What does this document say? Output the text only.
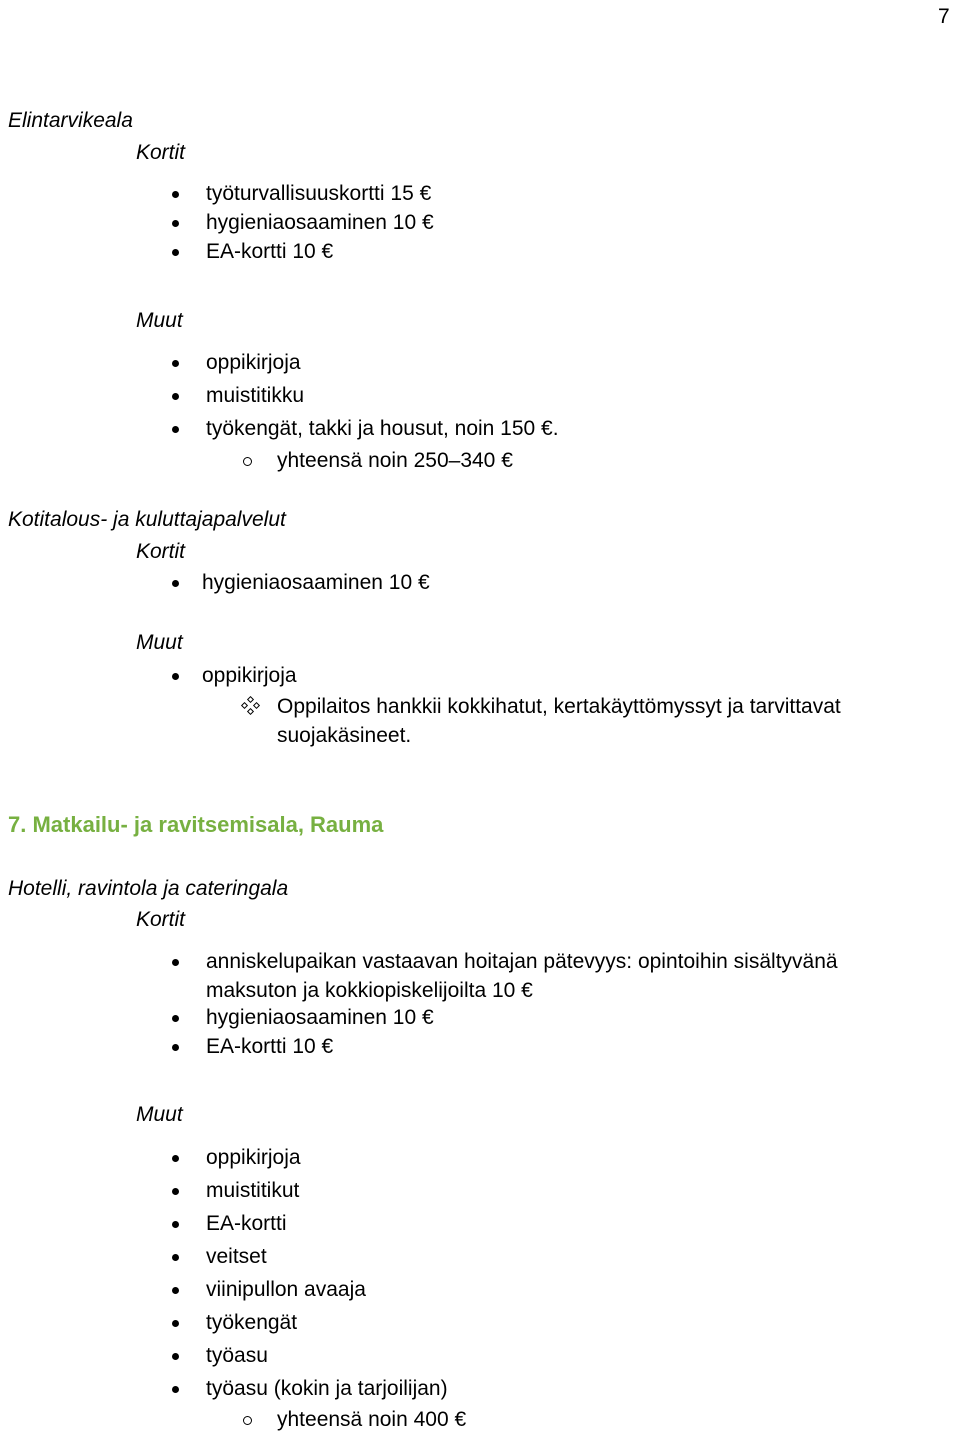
7
Elintarvikeala
Kortit
työturvallisuuskortti 15 €
hygieniaosaaminen 10 €
EA-kortti 10 €
Muut
oppikirjoja
muistitikku
työkengät, takki ja housut, noin 150 €.
yhteensä noin 250–340 €
Kotitalous- ja kuluttajapalvelut
Kortit
hygieniaosaaminen 10 €
Muut
oppikirjoja
Oppilaitos hankkii kokkihatut, kertakäyttömyssyt ja tarvittavat
suojakäsineet.
7. Matkailu- ja ravitsemisala, Rauma
Hotelli, ravintola ja cateringala
Kortit
anniskelupaikan vastaavan hoitajan pätevyys: opintoihin sisältyvänä
maksuton ja kokkiopiskelijoilta 10 €
hygieniaosaaminen 10 €
EA-kortti 10 €
Muut
oppikirjoja
muistitikut
EA-kortti
veitset
viinipullon avaaja
työkengät
työasu
työasu (kokin ja tarjoilijan)
yhteensä noin 400 €
